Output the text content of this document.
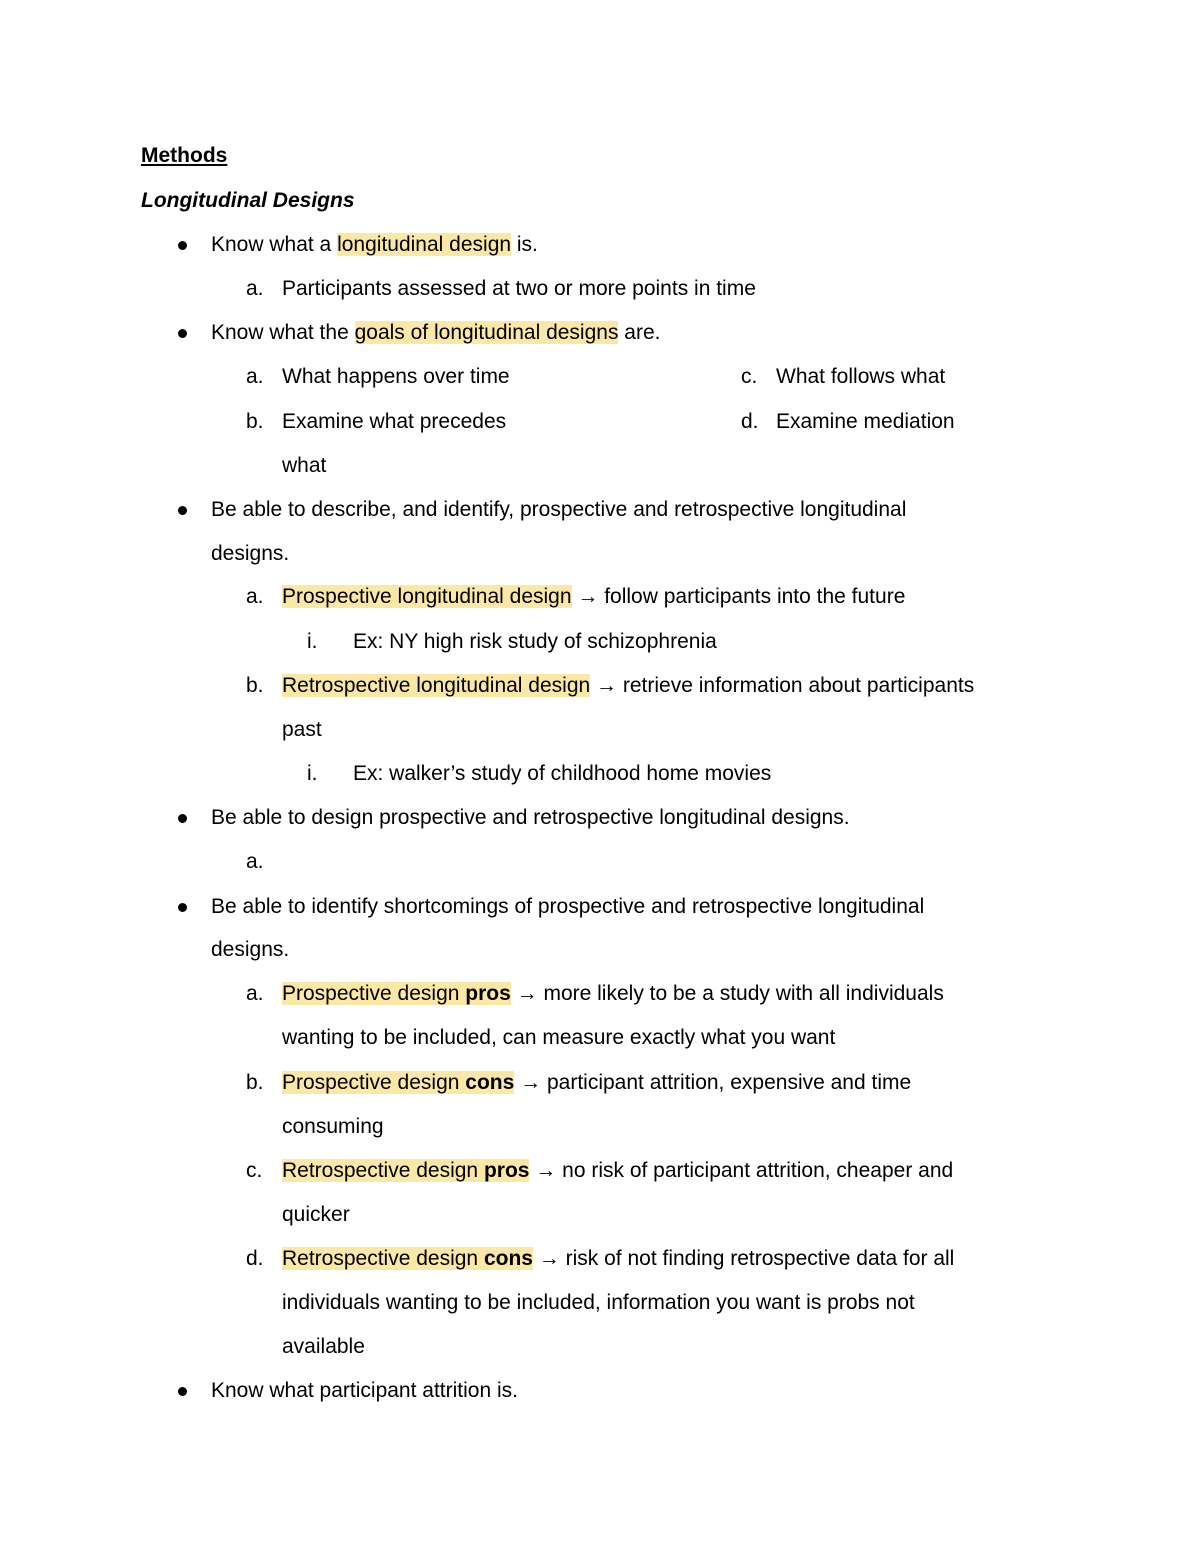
Methods
Longitudinal Designs
Know what a longitudinal design is.
a. Participants assessed at two or more points in time
Know what the goals of longitudinal designs are.
a. What happens over time
b. Examine what precedes
what
c. What follows what
d. Examine mediation
Be able to describe, and identify, prospective and retrospective longitudinal
designs.
a. Prospective longitudinal design → follow participants into the future
i. Ex: NY high risk study of schizophrenia
b. Retrospective longitudinal design → retrieve information about participants
past
i. Ex: walker’s study of childhood home movies
Be able to design prospective and retrospective longitudinal designs.
a.
Be able to identify shortcomings of prospective and retrospective longitudinal
designs.
a. Prospective design pros → more likely to be a study with all individuals
wanting to be included, can measure exactly what you want
b. Prospective design cons → participant attrition, expensive and time
consuming
c. Retrospective design pros → no risk of participant attrition, cheaper and
quicker
d. Retrospective design cons → risk of not finding retrospective data for all
individuals wanting to be included, information you want is probs not
available
Know what participant attrition is.
